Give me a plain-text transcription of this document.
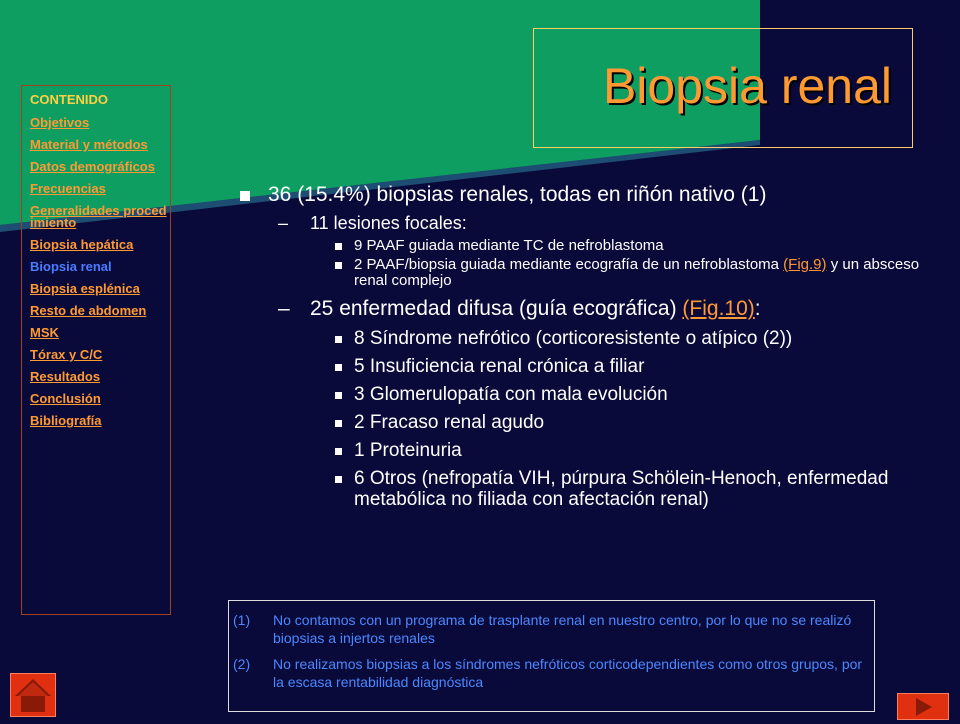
CONTENIDO
Objetivos
Material y métodos
Datos demográficos
Frecuencias
Generalidades procedimiento
Biopsia hepática
Biopsia renal
Biopsia esplénica
Resto de abdomen
MSK
Tórax y C/C
Resultados
Conclusión
Bibliografía
Biopsia renal
36 (15.4%) biopsias renales, todas en riñón nativo (1)
– 11 lesiones focales:
9 PAAF guiada mediante TC de nefroblastoma
2 PAAF/biopsia guiada mediante ecografía de un nefroblastoma (Fig.9) y un absceso renal complejo
– 25 enfermedad difusa (guía ecográfica) (Fig.10):
8 Síndrome nefrótico (corticoresistente o atípico (2))
5 Insuficiencia renal crónica a filiar
3 Glomerulopatía con mala evolución
2 Fracaso renal agudo
1 Proteinuria
6 Otros (nefropatía VIH, púrpura Schölein-Henoch, enfermedad metabólica no filiada con afectación renal)
(1) No contamos con un programa de trasplante renal en nuestro centro, por lo que no se realizó biopsias a injertos renales
(2) No realizamos biopsias a los síndromes nefróticos corticodependientes como otros grupos, por la escasa rentabilidad diagnóstica
